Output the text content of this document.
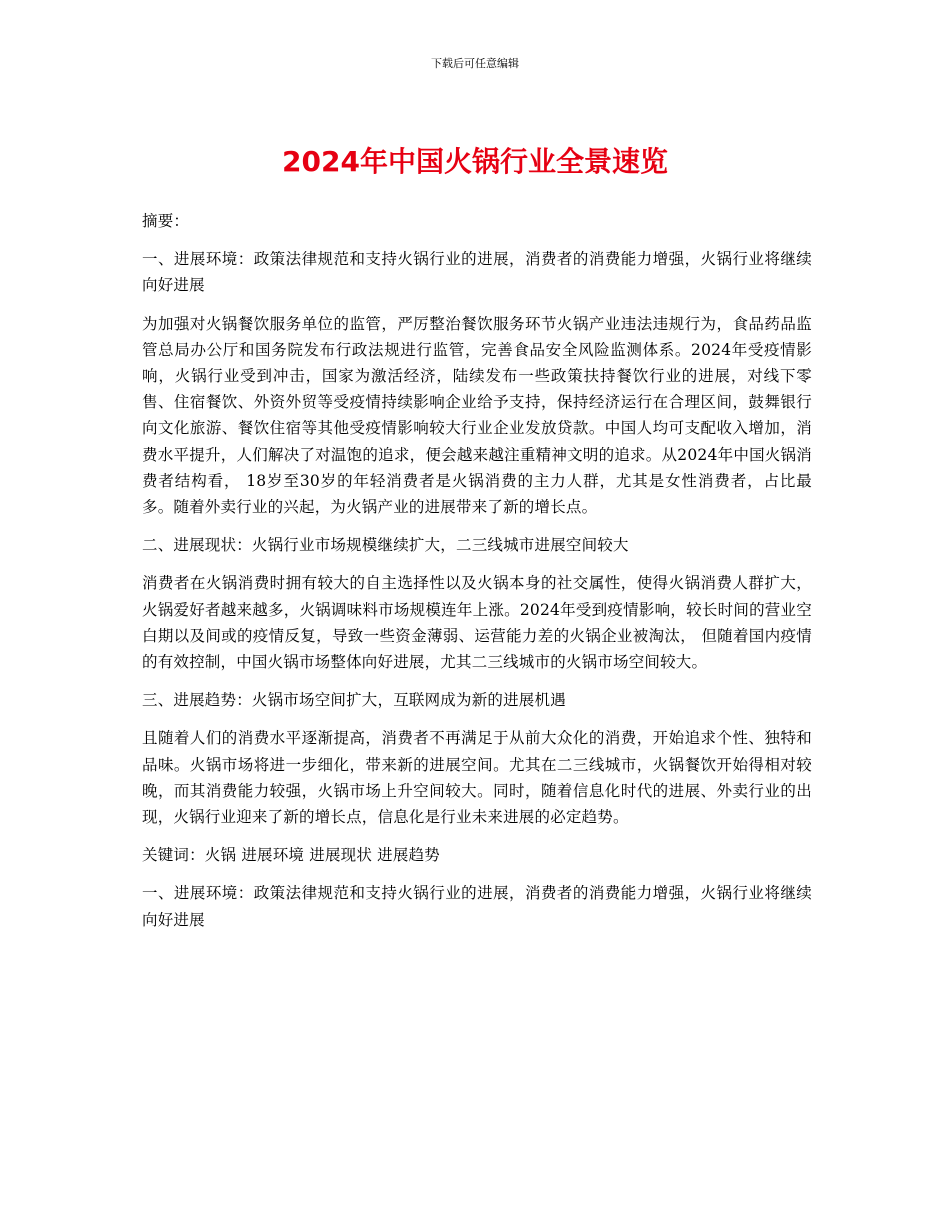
下载后可任意编辑
2024年中国火锅行业全景速览

摘要：

一、进展环境：政策法律规范和支持火锅行业的进展，消费者的消费能力增强，火锅行业将继续向好进展

为加强对火锅餐饮服务单位的监管，严厉整治餐饮服务环节火锅产业违法违规行为，食品药品监管总局办公厅和国务院发布行政法规进行监管，完善食品安全风险监测体系。2024年受疫情影响，火锅行业受到冲击，国家为激活经济，陆续发布一些政策扶持餐饮行业的进展，对线下零售、住宿餐饮、外资外贸等受疫情持续影响企业给予支持，保持经济运行在合理区间，鼓舞银行向文化旅游、餐饮住宿等其他受疫情影响较大行业企业发放贷款。中国人均可支配收入增加，消费水平提升，人们解决了对温饱的追求，便会越来越注重精神文明的追求。从2024年中国火锅消费者结构看， 18岁至30岁的年轻消费者是火锅消费的主力人群，尤其是女性消费者，占比最多。随着外卖行业的兴起，为火锅产业的进展带来了新的增长点。

二、进展现状：火锅行业市场规模继续扩大，二三线城市进展空间较大

消费者在火锅消费时拥有较大的自主选择性以及火锅本身的社交属性，使得火锅消费人群扩大，火锅爱好者越来越多，火锅调味料市场规模连年上涨。2024年受到疫情影响，较长时间的营业空白期以及间或的疫情反复，导致一些资金薄弱、运营能力差的火锅企业被淘汰， 但随着国内疫情的有效控制，中国火锅市场整体向好进展，尤其二三线城市的火锅市场空间较大。

三、进展趋势：火锅市场空间扩大，互联网成为新的进展机遇

且随着人们的消费水平逐渐提高，消费者不再满足于从前大众化的消费，开始追求个性、独特和品味。火锅市场将进一步细化，带来新的进展空间。尤其在二三线城市，火锅餐饮开始得相对较晚，而其消费能力较强，火锅市场上升空间较大。同时，随着信息化时代的进展、外卖行业的出现，火锅行业迎来了新的增长点，信息化是行业未来进展的必定趋势。

关键词：火锅 进展环境 进展现状 进展趋势

一、进展环境：政策法律规范和支持火锅行业的进展，消费者的消费能力增强，火锅行业将继续向好进展
